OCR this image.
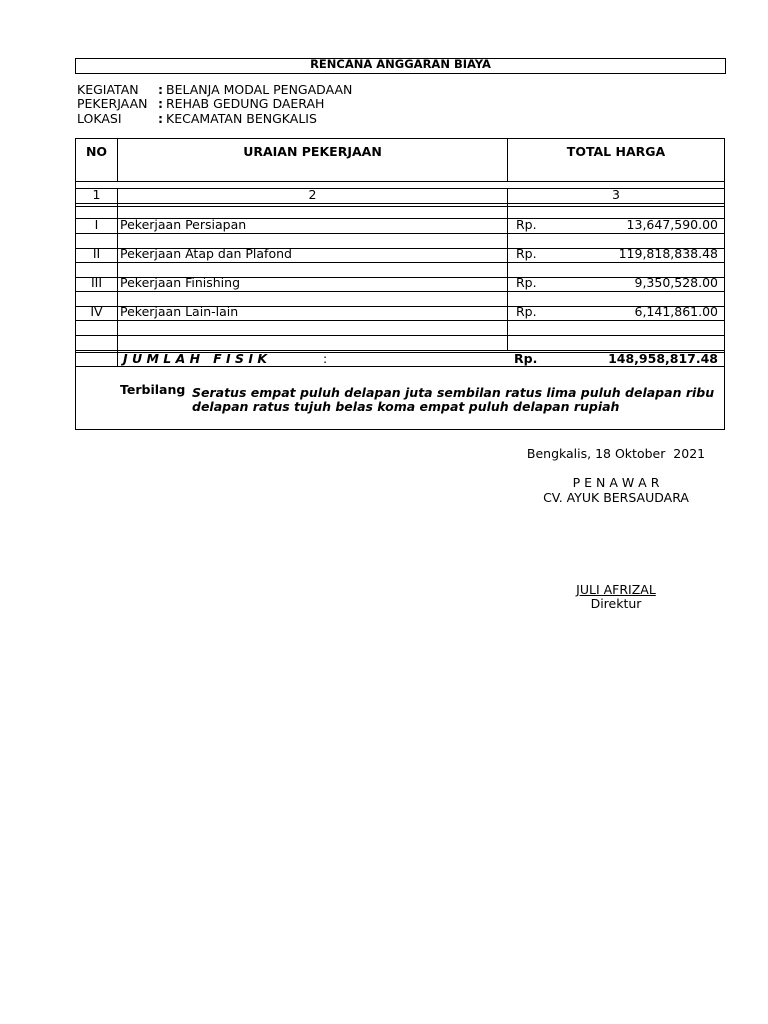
RENCANA ANGGARAN BIAYA
KEGIATAN : BELANJA MODAL PENGADAAN
PEKERJAAN : REHAB GEDUNG DAERAH
LOKASI	: KECAMATAN BENGKALIS
NO	URAIAN PEKERJAAN	TOTAL HARGA
1	2	3
I	Pekerjaan Persiapan	Rp.	13,647,590.00
II	Pekerjaan Atap dan Plafond	Rp.	119,818,838.48
III	Pekerjaan Finishing	Rp.	9,350,528.00
IV	Pekerjaan Lain-lain	Rp.	6,141,861.00
J U M L A H   F I S I K	:	Rp.	148,958,817.48
Terbilang Seratus empat puluh delapan juta sembilan ratus lima puluh delapan ribu
delapan ratus tujuh belas koma empat puluh delapan rupiah
Bengkalis, 18 Oktober  2021
P E N A W A R
CV. AYUK BERSAUDARA
JULI AFRIZAL
Direktur
